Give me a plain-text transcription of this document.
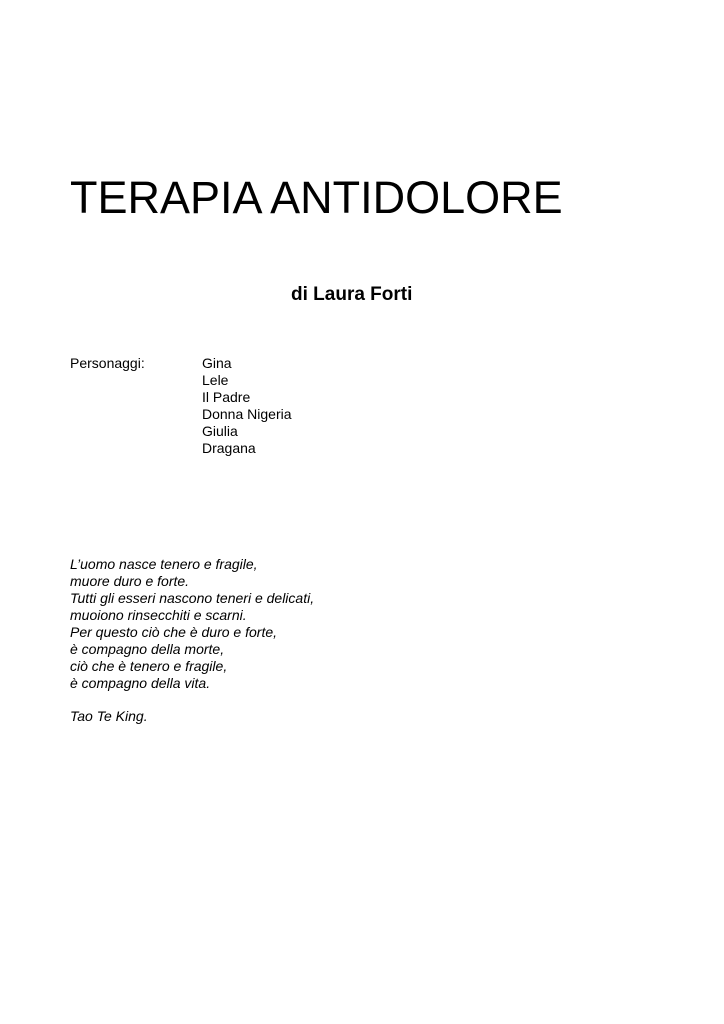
TERAPIA ANTIDOLORE
di Laura Forti
Personaggi:	Gina
Lele
Il Padre
Donna Nigeria
Giulia
Dragana
L’uomo nasce tenero e fragile,
muore duro e forte.
Tutti gli esseri nascono teneri e delicati,
muoiono rinsecchiti e scarni.
Per questo ciò che è duro e forte,
è compagno della morte,
ciò che è tenero e fragile,
è compagno della vita.
Tao Te King.
